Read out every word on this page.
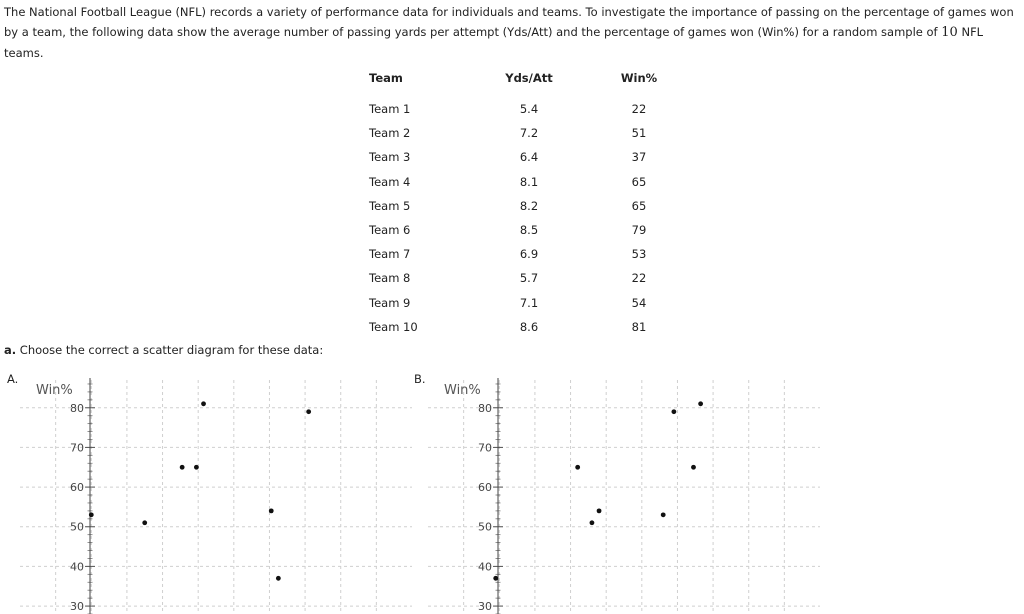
The National Football League (NFL) records a variety of performance data for individuals and teams. To investigate the importance of passing on the percentage of games won by a team, the following data show the average number of passing yards per attempt (Yds/Att) and the percentage of games won (Win%) for a random sample of 10 NFL teams.

Team	Yds/Att	Win%

Team 1	5.4	22
Team 2	7.2	51
Team 3	6.4	37
Team 4	8.1	65
Team 5	8.2	65
Team 6	8.5	79
Team 7	6.9	53
Team 8	5.7	22
Team 9	7.1	54
Team 10	8.6	81

a. Choose the correct a scatter diagram for these data:

A.
30
40
50
60
70
80
Win%
B.
30
40
50
60
70
80
Win%
